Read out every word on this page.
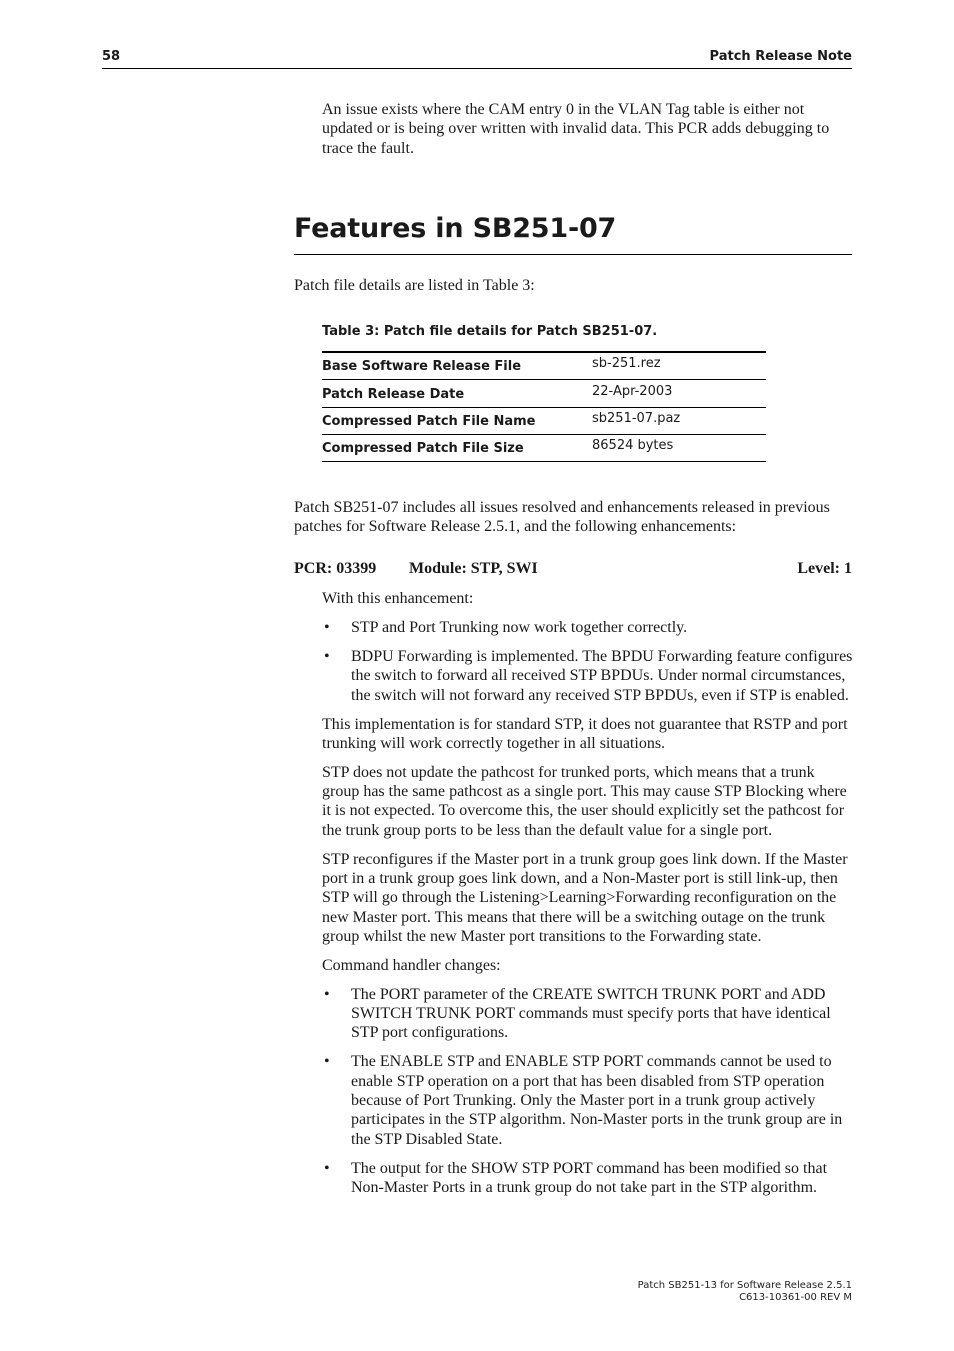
58	Patch Release Note
An issue exists where the CAM entry 0 in the VLAN Tag table is either not updated or is being over written with invalid data. This PCR adds debugging to trace the fault.
Features in SB251-07
Patch file details are listed in Table 3:
Table 3: Patch file details for Patch SB251-07.
Base Software Release File	sb-251.rez
Patch Release Date	22-Apr-2003
Compressed Patch File Name	sb251-07.paz
Compressed Patch File Size	86524 bytes
Patch SB251-07 includes all issues resolved and enhancements released in previous patches for Software Release 2.5.1, and the following enhancements:
PCR: 03399 Module: STP, SWI	Level: 1

With this enhancement:

• STP and Port Trunking now work together correctly.
• BDPU Forwarding is implemented. The BPDU Forwarding feature configures the switch to forward all received STP BPDUs. Under normal circumstances, the switch will not forward any received STP BPDUs, even if STP is enabled.

This implementation is for standard STP, it does not guarantee that RSTP and port trunking will work correctly together in all situations.

STP does not update the pathcost for trunked ports, which means that a trunk group has the same pathcost as a single port. This may cause STP Blocking where it is not expected. To overcome this, the user should explicitly set the pathcost for the trunk group ports to be less than the default value for a single port.

STP reconfigures if the Master port in a trunk group goes link down. If the Master port in a trunk group goes link down, and a Non-Master port is still link-up, then STP will go through the Listening>Learning>Forwarding reconfiguration on the new Master port. This means that there will be a switching outage on the trunk group whilst the new Master port transitions to the Forwarding state.

Command handler changes:

• The PORT parameter of the CREATE SWITCH TRUNK PORT and ADD SWITCH TRUNK PORT commands must specify ports that have identical STP port configurations.
• The ENABLE STP and ENABLE STP PORT commands cannot be used to enable STP operation on a port that has been disabled from STP operation because of Port Trunking. Only the Master port in a trunk group actively participates in the STP algorithm. Non-Master ports in the trunk group are in the STP Disabled State.
• The output for the SHOW STP PORT command has been modified so that Non-Master Ports in a trunk group do not take part in the STP algorithm.
Patch SB251-13 for Software Release 2.5.1
C613-10361-00 REV M
